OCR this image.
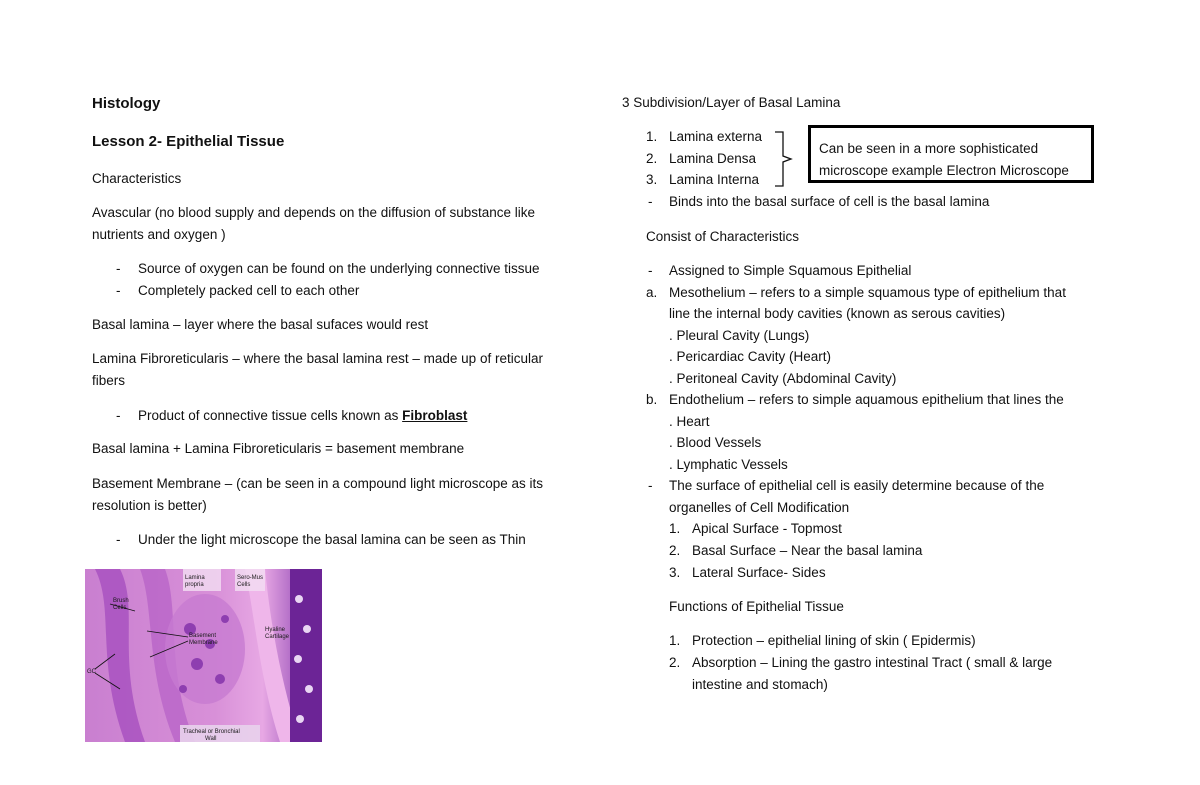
Histology
Lesson 2- Epithelial Tissue
Characteristics
Avascular (no blood supply and depends on the diffusion of substance like
nutrients and oxygen )
- Source of oxygen can be found on the underlying connective tissue
- Completely packed cell to each other
Basal lamina – layer where the basal sufaces would rest
Lamina Fibroreticularis – where the basal lamina rest – made up of reticular
fibers
- Product of connective tissue cells known as Fibroblast
Basal lamina + Lamina Fibroreticularis = basement membrane
Basement Membrane – (can be seen in a compound light microscope as its
resolution is better)
- Under the light microscope the basal lamina can be seen as Thin
Lamina
propria
Sero-Mus
Cells
Brush
Cells
Basement
Membrane
Hyaline
Cartilage
GC
Tracheal or Bronchial
Wall
3 Subdivision/Layer of Basal Lamina
1. Lamina externa
2. Lamina Densa
3. Lamina Interna
Can be seen in a more sophisticated
microscope example Electron Microscope
- Binds into the basal surface of cell is the basal lamina
Consist of Characteristics
- Assigned to Simple Squamous Epithelial
a. Mesothelium – refers to a simple squamous type of epithelium that
line the internal body cavities (known as serous cavities)
. Pleural Cavity (Lungs)
. Pericardiac Cavity (Heart)
. Peritoneal Cavity (Abdominal Cavity)
b. Endothelium – refers to simple aquamous epithelium that lines the
. Heart
. Blood Vessels
. Lymphatic Vessels
- The surface of epithelial cell is easily determine because of the
organelles of Cell Modification
1. Apical Surface - Topmost
2. Basal Surface – Near the basal lamina
3. Lateral Surface- Sides
Functions of Epithelial Tissue
1. Protection – epithelial lining of skin ( Epidermis)
2. Absorption – Lining the gastro intestinal Tract ( small & large
intestine and stomach)
